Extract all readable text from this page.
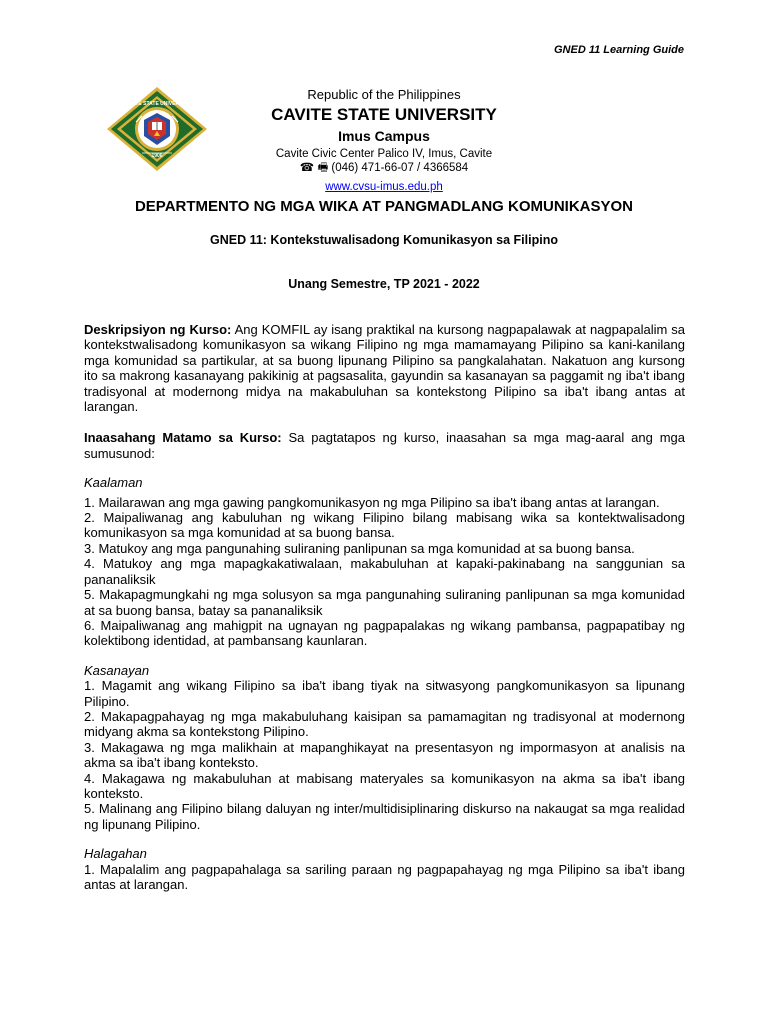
GNED 11 Learning Guide
CAVITE STATE UNIVERSITY
1906
Republic of the Philippines
CAVITE STATE UNIVERSITY
Imus Campus
Cavite Civic Center Palico IV, Imus, Cavite
☎ 🖷 (046) 471-66-07 / 4366584
www.cvsu-imus.edu.ph
DEPARTMENTO NG MGA WIKA AT PANGMADLANG KOMUNIKASYON
GNED 11: Kontekstuwalisadong Komunikasyon sa Filipino
Unang Semestre, TP 2021 - 2022

Deskripsiyon ng Kurso: Ang KOMFIL ay isang praktikal na kursong nagpapalawak at nagpapalalim sa kontekstwalisadong komunikasyon sa wikang Filipino ng mga mamamayang Pilipino sa kani-kanilang mga komunidad sa partikular, at sa buong lipunang Pilipino sa pangkalahatan. Nakatuon ang kursong ito sa makrong kasanayang pakikinig at pagsasalita, gayundin sa kasanayan sa paggamit ng iba't ibang tradisyonal at modernong midya na makabuluhan sa kontekstong Pilipino sa iba't ibang antas at larangan.

Inaasahang Matamo sa Kurso: Sa pagtatapos ng kurso, inaasahan sa mga mag-aaral ang mga sumusunod:

Kaalaman

1. Mailarawan ang mga gawing pangkomunikasyon ng mga Pilipino sa iba't ibang antas at larangan.

2. Maipaliwanag ang kabuluhan ng wikang Filipino bilang mabisang wika sa kontektwalisadong komunikasyon sa mga komunidad at sa buong bansa.

3. Matukoy ang mga pangunahing suliraning panlipunan sa mga komunidad at sa buong bansa.

4. Matukoy ang mga mapagkakatiwalaan, makabuluhan at kapaki-pakinabang na sanggunian sa pananaliksik

5. Makapagmungkahi ng mga solusyon sa mga pangunahing suliraning panlipunan sa mga komunidad at sa buong bansa, batay sa pananaliksik

6. Maipaliwanag ang mahigpit na ugnayan ng pagpapalakas ng wikang pambansa, pagpapatibay ng kolektibong identidad, at pambansang kaunlaran.

Kasanayan

1. Magamit ang wikang Filipino sa iba't ibang tiyak na sitwasyong pangkomunikasyon sa lipunang Pilipino.

2. Makapagpahayag ng mga makabuluhang kaisipan sa pamamagitan ng tradisyonal at modernong midyang akma sa kontekstong Pilipino.

3. Makagawa ng mga malikhain at mapanghikayat na presentasyon ng impormasyon at analisis na akma sa iba't ibang konteksto.

4. Makagawa ng makabuluhan at mabisang materyales sa komunikasyon na akma sa iba't ibang konteksto.

5. Malinang ang Filipino bilang daluyan ng inter/multidisiplinaring diskurso na nakaugat sa mga realidad ng lipunang Pilipino.

Halagahan

1. Mapalalim ang pagpapahalaga sa sariling paraan ng pagpapahayag ng mga Pilipino sa iba't ibang antas at larangan.
